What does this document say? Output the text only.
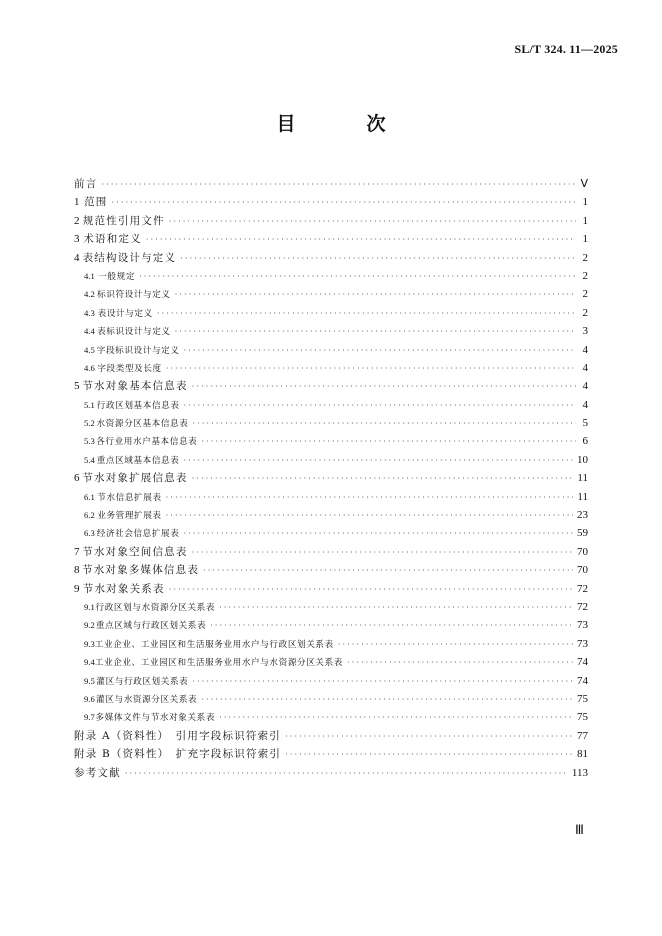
SL/T 324. 11—2025
目　次
前言 ·····	Ⅴ
1 范围 ·····	1
2 规范性引用文件 ·····	1
3 术语和定义 ·····	1
4 表结构设计与定义 ·····	2
4.1 一般规定 ·····	2
4.2 标识符设计与定义 ·····	2
4.3 表设计与定义 ·····	2
4.4 表标识设计与定义 ·····	3
4.5 字段标识设计与定义 ·····	4
4.6 字段类型及长度 ·····	4
5 节水对象基本信息表 ·····	4
5.1 行政区划基本信息表 ·····	4
5.2 水资源分区基本信息表 ·····	5
5.3 各行业用水户基本信息表 ·····	6
5.4 重点区域基本信息表 ·····	10
6 节水对象扩展信息表 ·····	11
6.1 节水信息扩展表 ·····	11
6.2 业务管理扩展表 ·····	23
6.3 经济社会信息扩展表 ·····	59
7 节水对象空间信息表 ·····	70
8 节水对象多媒体信息表 ·····	70
9 节水对象关系表 ·····	72
9.1 行政区划与水资源分区关系表 ·····	72
9.2 重点区域与行政区划关系表 ·····	73
9.3 工业企业、工业园区和生活服务业用水户与行政区划关系表 ·····	73
9.4 工业企业、工业园区和生活服务业用水户与水资源分区关系表 ·····	74
9.5 灌区与行政区划关系表 ·····	74
9.6 灌区与水资源分区关系表 ·····	75
9.7 多媒体文件与节水对象关系表 ·····	75
附录 A（资料性）　引用字段标识符索引 ·····	77
附录 B（资料性）　扩充字段标识符索引 ·····	81
参考文献 ·····	113
Ⅲ
